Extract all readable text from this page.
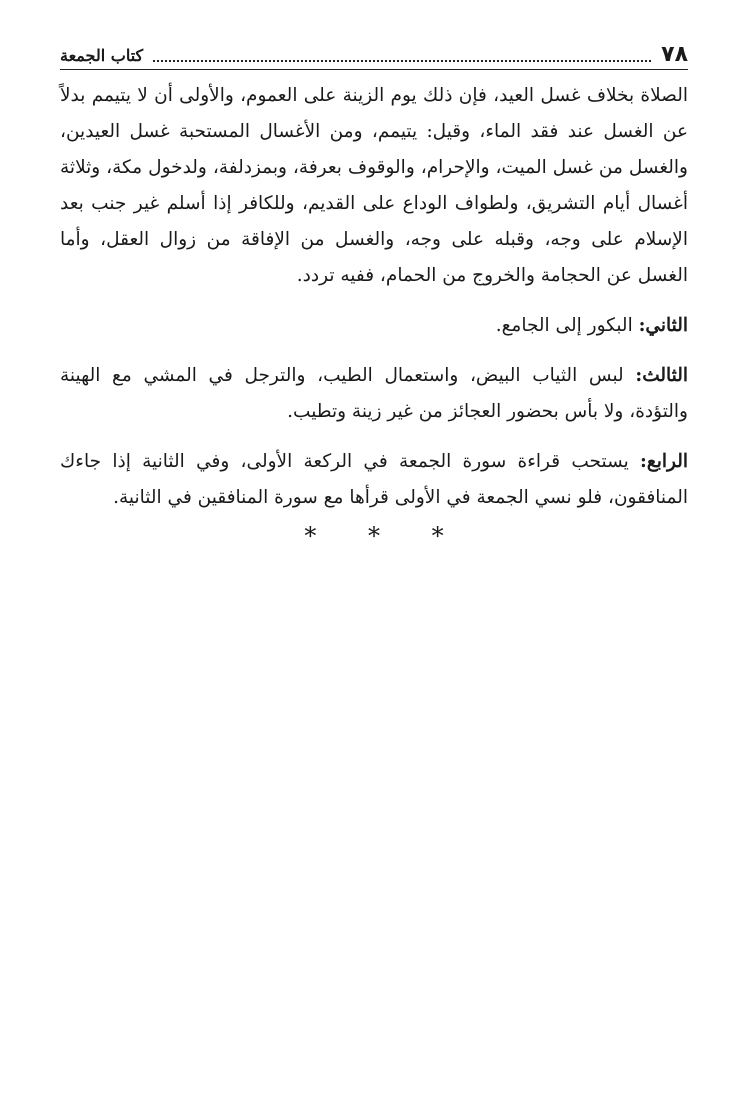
٧٨
كتاب الجمعة

الصلاة بخلاف غسل العيد، فإن ذلك يوم الزينة على العموم، والأولى أن لا يتيمم بدلاً عن الغسل عند فقد الماء، وقيل: يتيمم، ومن الأغسال المستحبة غسل العيدين، والغسل من غسل الميت، والإحرام، والوقوف بعرفة، وبمزدلفة، ولدخول مكة، وثلاثة أغسال أيام التشريق، ولطواف الوداع على القديم، وللكافر إذا أسلم غير جنب بعد الإسلام على وجه، وقبله على وجه، والغسل من الإفاقة من زوال العقل، وأما الغسل عن الحجامة والخروج من الحمام، ففيه تردد.

الثاني: البكور إلى الجامع.

الثالث: لبس الثياب البيض، واستعمال الطيب، والترجل في المشي مع الهينة والتؤدة، ولا بأس بحضور العجائز من غير زينة وتطيب.

الرابع: يستحب قراءة سورة الجمعة في الركعة الأولى، وفي الثانية إذا جاءك المنافقون، فلو نسي الجمعة في الأولى قرأها مع سورة المنافقين في الثانية.

* * *
